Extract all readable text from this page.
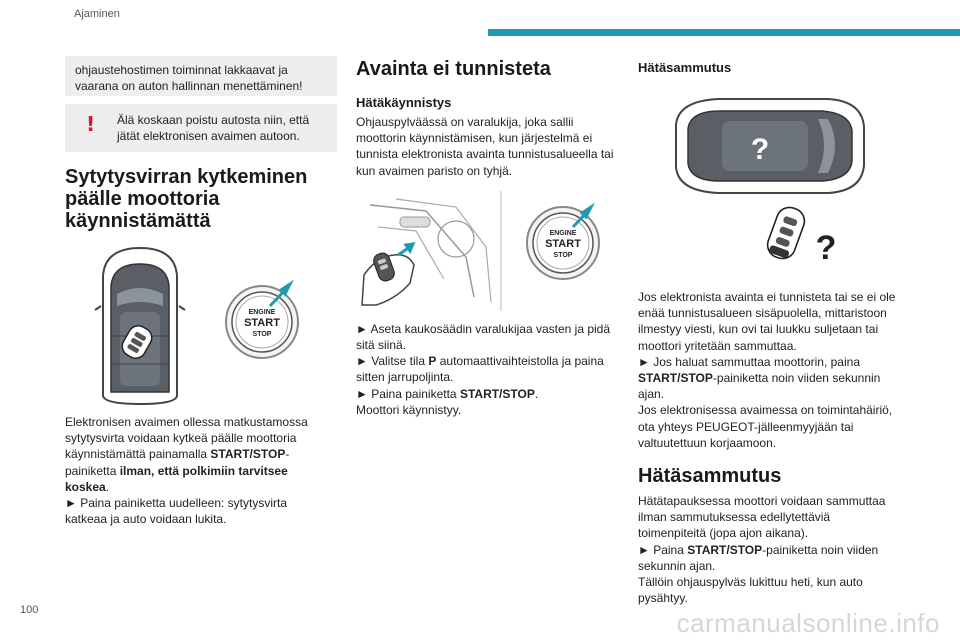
Ajaminen
ohjaustehostimen toiminnat lakkaavat ja vaarana on auton hallinnan menettäminen!
! Älä koskaan poistu autosta niin, että jätät elektronisen avaimen autoon.
Sytytysvirran kytkeminen
päälle moottoria
käynnistämättä
ENGINE
START
STOP

Elektronisen avaimen ollessa matkustamossa
sytytysvirta voidaan kytkeä päälle moottoria
käynnistämättä painamalla START/STOP-
painiketta ilman, että polkimiin tarvitsee
koskea.
► Paina painiketta uudelleen: sytytysvirta
katkeaa ja auto voidaan lukita.

Avainta ei tunnisteta
Hätäkäynnistys

Ohjauspylväässä on varalukija, joka sallii
moottorin käynnistämisen, kun järjestelmä ei
tunnista elektronista avainta tunnistusalueella tai
kun avaimen paristo on tyhjä.

ENGINE
START
STOP

► Aseta kaukosäädin varalukijaa vasten ja pidä
sitä siinä.
► Valitse tila P automaattivaihteistolla ja paina
sitten jarrupoljinta.
► Paina painiketta START/STOP.
Moottori käynnistyy.

Hätäsammutus
?
?

Jos elektronista avainta ei tunnisteta tai se ei ole
enää tunnistusalueen sisäpuolella, mittaristoon
ilmestyy viesti, kun ovi tai luukku suljetaan tai
moottori yritetään sammuttaa.
► Jos haluat sammuttaa moottorin, paina
START/STOP-painiketta noin viiden sekunnin
ajan.
Jos elektronisessa avaimessa on toimintahäiriö,
ota yhteys PEUGEOT-jälleenmyyjään tai
valtuutettuun korjaamoon.

Hätäsammutus

Hätätapauksessa moottori voidaan sammuttaa
ilman sammutuksessa edellytettäviä
toimenpiteitä (jopa ajon aikana).
► Paina START/STOP-painiketta noin viiden
sekunnin ajan.
Tällöin ohjauspylväs lukittuu heti, kun auto
pysähtyy.

100	carmanualsonline.info
